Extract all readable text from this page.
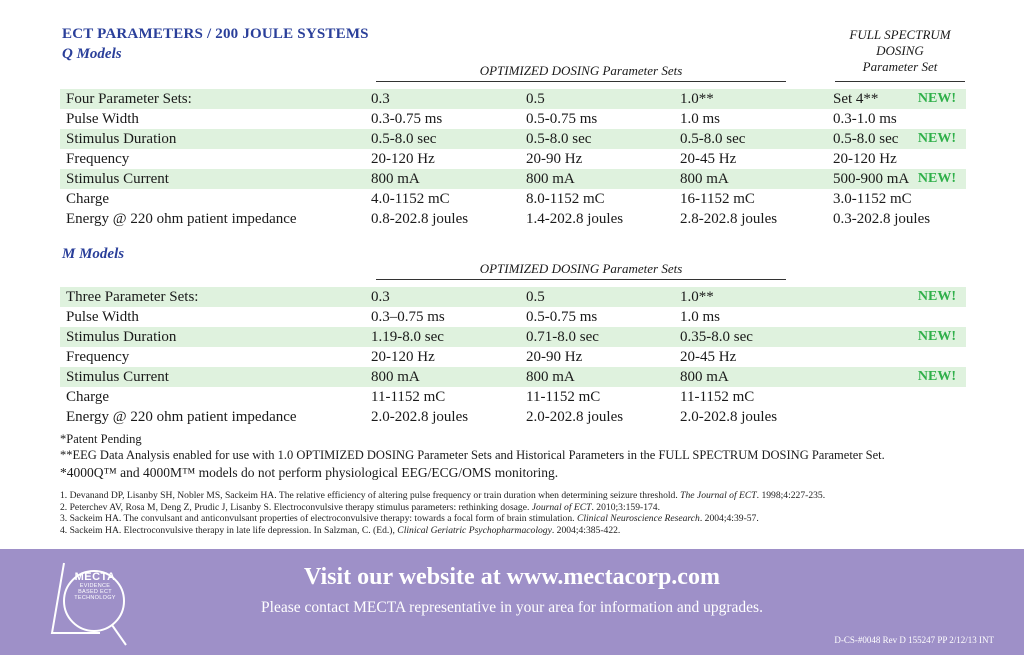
ECT PARAMETERS / 200 JOULE SYSTEMS
Q Models
FULL SPECTRUM
DOSING
Parameter Set
OPTIMIZED DOSING Parameter Sets
Four Parameter Sets:	0.3	0.5	1.0**	Set 4**	NEW!
Pulse Width	0.3-0.75 ms	0.5-0.75 ms	1.0 ms	0.3-1.0 ms
Stimulus Duration	0.5-8.0 sec	0.5-8.0 sec	0.5-8.0 sec	0.5-8.0 sec NEW!
Frequency	20-120 Hz	20-90 Hz	20-45 Hz	20-120 Hz
Stimulus Current	800 mA	800 mA	800 mA	500-900 mA NEW!
Charge	4.0-1152 mC	8.0-1152 mC	16-1152 mC	3.0-1152 mC
Energy @ 220 ohm patient impedance	0.8-202.8 joules	1.4-202.8 joules	2.8-202.8 joules	0.3-202.8 joules
M Models
OPTIMIZED DOSING Parameter Sets
Three Parameter Sets:	0.3	0.5	1.0**	NEW!
Pulse Width	0.3–0.75 ms	0.5-0.75 ms	1.0 ms
Stimulus Duration	1.19-8.0 sec	0.71-8.0 sec	0.35-8.0 sec	NEW!
Frequency	20-120 Hz	20-90 Hz	20-45 Hz
Stimulus Current	800 mA	800 mA	800 mA	NEW!
Charge	11-1152 mC	11-1152 mC	11-1152 mC
Energy @ 220 ohm patient impedance	2.0-202.8 joules	2.0-202.8 joules	2.0-202.8 joules
*Patent Pending
**EEG Data Analysis enabled for use with 1.0 OPTIMIZED DOSING Parameter Sets and Historical Parameters in the FULL SPECTRUM DOSING Parameter Set.
*4000Q™ and 4000M™ models do not perform physiological EEG/ECG/OMS monitoring.
1. Devanand DP, Lisanby SH, Nobler MS, Sackeim HA. The relative efficiency of altering pulse frequency or train duration when determining seizure threshold. The Journal of ECT. 1998;4:227-235.
2. Peterchev AV, Rosa M, Deng Z, Prudic J, Lisanby S. Electroconvulsive therapy stimulus parameters: rethinking dosage. Journal of ECT. 2010;3:159-174.
3. Sackeim HA. The convulsant and anticonvulsant properties of electroconvulsive therapy: towards a focal form of brain stimulation. Clinical Neuroscience Research. 2004;4:39-57.
4. Sackeim HA. Electroconvulsive therapy in late life depression. In Salzman, C. (Ed.), Clinical Geriatric Psychopharmacology. 2004;4:385-422.
MECTA
EVIDENCE
BASED ECT
TECHNOLOGY
Visit our website at www.mectacorp.com
Please contact MECTA representative in your area for information and upgrades.
D-CS-#0048 Rev D 155247 PP 2/12/13 INT
